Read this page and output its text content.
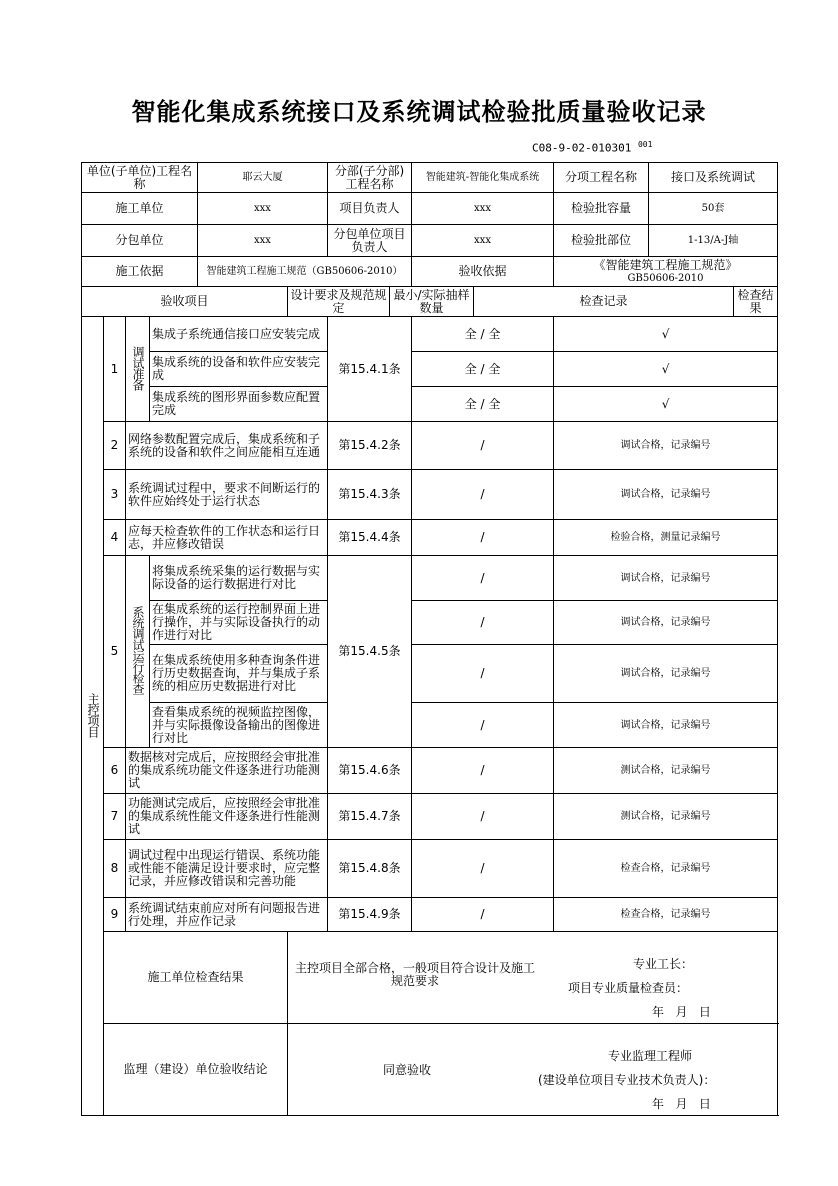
智能化集成系统接口及系统调试检验批质量验收记录
C08-9-02-010301 $^{001}$
单位(子单位)工程名称				耶云大厦		分部(子分部)工程名称		智能建筑-智能化集成系统		分项工程名称	接口及系统调试		
施工单位				xxx		项目负责人		xxx		检验批容量	50套		
分包单位				xxx		分包单位项目负责人		xxx		检验批部位	1-13/A-J轴		
施工依据				智能建筑工程施工规范（GB50606-2010）				验收依据		《智能建筑工程施工规范》
GB50606-2010			

验收项目					设计要求及规范规定		最小/实际抽样数量		检查记录			检查结果	
主控项目	1	调试准备	集成子系统通信接口应安装完成			第15.4.1条		全 / 全		√	
			集成系统的设备和软件应安装完成					全 / 全		√	
			集成系统的图形界面参数应配置完成					全 / 全		√	
	2	网络参数配置完成后，集成系统和子系统的设备和软件之间应能相互连通				第15.4.2条		/		调试合格，记录编号			
	3	系统调试过程中，要求不间断运行的软件应始终处于运行状态				第15.4.3条		/		调试合格，记录编号			
	4	应每天检查软件的工作状态和运行日志，并应修改错误				第15.4.4条		/		检验合格，测量记录编号			
	5	系统调试运行检查	将集成系统采集的运行数据与实际设备的运行数据进行对比			第15.4.5条		/		调试合格，记录编号			
			在集成系统的运行控制界面上进行操作，并与实际设备执行的动作进行对比					/		调试合格，记录编号			
			在集成系统使用多种查询条件进行历史数据查询，并与集成子系统的相应历史数据进行对比					/		调试合格，记录编号			
			查看集成系统的视频监控图像，并与实际摄像设备输出的图像进行对比					/		调试合格，记录编号			
	6	数据核对完成后，应按照经会审批准的集成系统功能文件逐条进行功能测试				第15.4.6条		/		测试合格，记录编号			
	7	功能测试完成后，应按照经会审批准的集成系统性能文件逐条进行性能测试				第15.4.7条		/		测试合格，记录编号			
	8	调试过程中出现运行错误、系统功能或性能不能满足设计要求时，应完整记录，并应修改错误和完善功能				第15.4.8条		/		检查合格，记录编号			
	9	系统调试结束前应对所有问题报告进行处理，并应作记录				第15.4.9条		/		检查合格，记录编号			
	施工单位检查结果				主控项目全部合格，一般项目符合设计及施工规范要求
专业工长：
项目专业质量检查员：
年   月   日								

	监理（建设）单位验收结论				同意验收
专业监理工程师
(建设单位项目专业技术负责人)：
年   月   日								
